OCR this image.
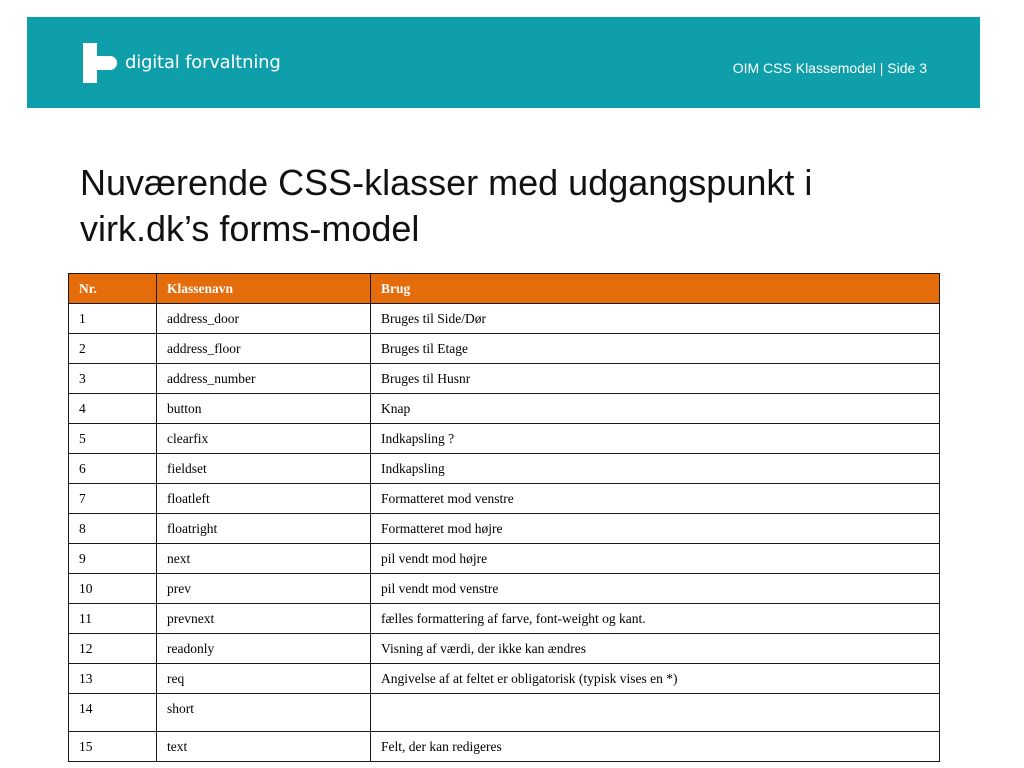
digital forvaltning	OIM CSS Klassemodel | Side 3
Nuværende CSS-klasser med udgangspunkt i
virk.dk’s forms-model
Nr.	Klassenavn	Brug
1	address_door	Bruges til Side/Dør
2	address_floor	Bruges til Etage
3	address_number	Bruges til Husnr
4	button	Knap
5	clearfix	Indkapsling ?
6	fieldset	Indkapsling
7	floatleft	Formatteret mod venstre
8	floatright	Formatteret mod højre
9	next	pil vendt mod højre
10	prev	pil vendt mod venstre
11	prevnext	fælles formattering af farve, font-weight og kant.
12	readonly	Visning af værdi, der ikke kan ændres
13	req	Angivelse af at feltet er obligatorisk (typisk vises en *)
14	short	
15	text	Felt, der kan redigeres
